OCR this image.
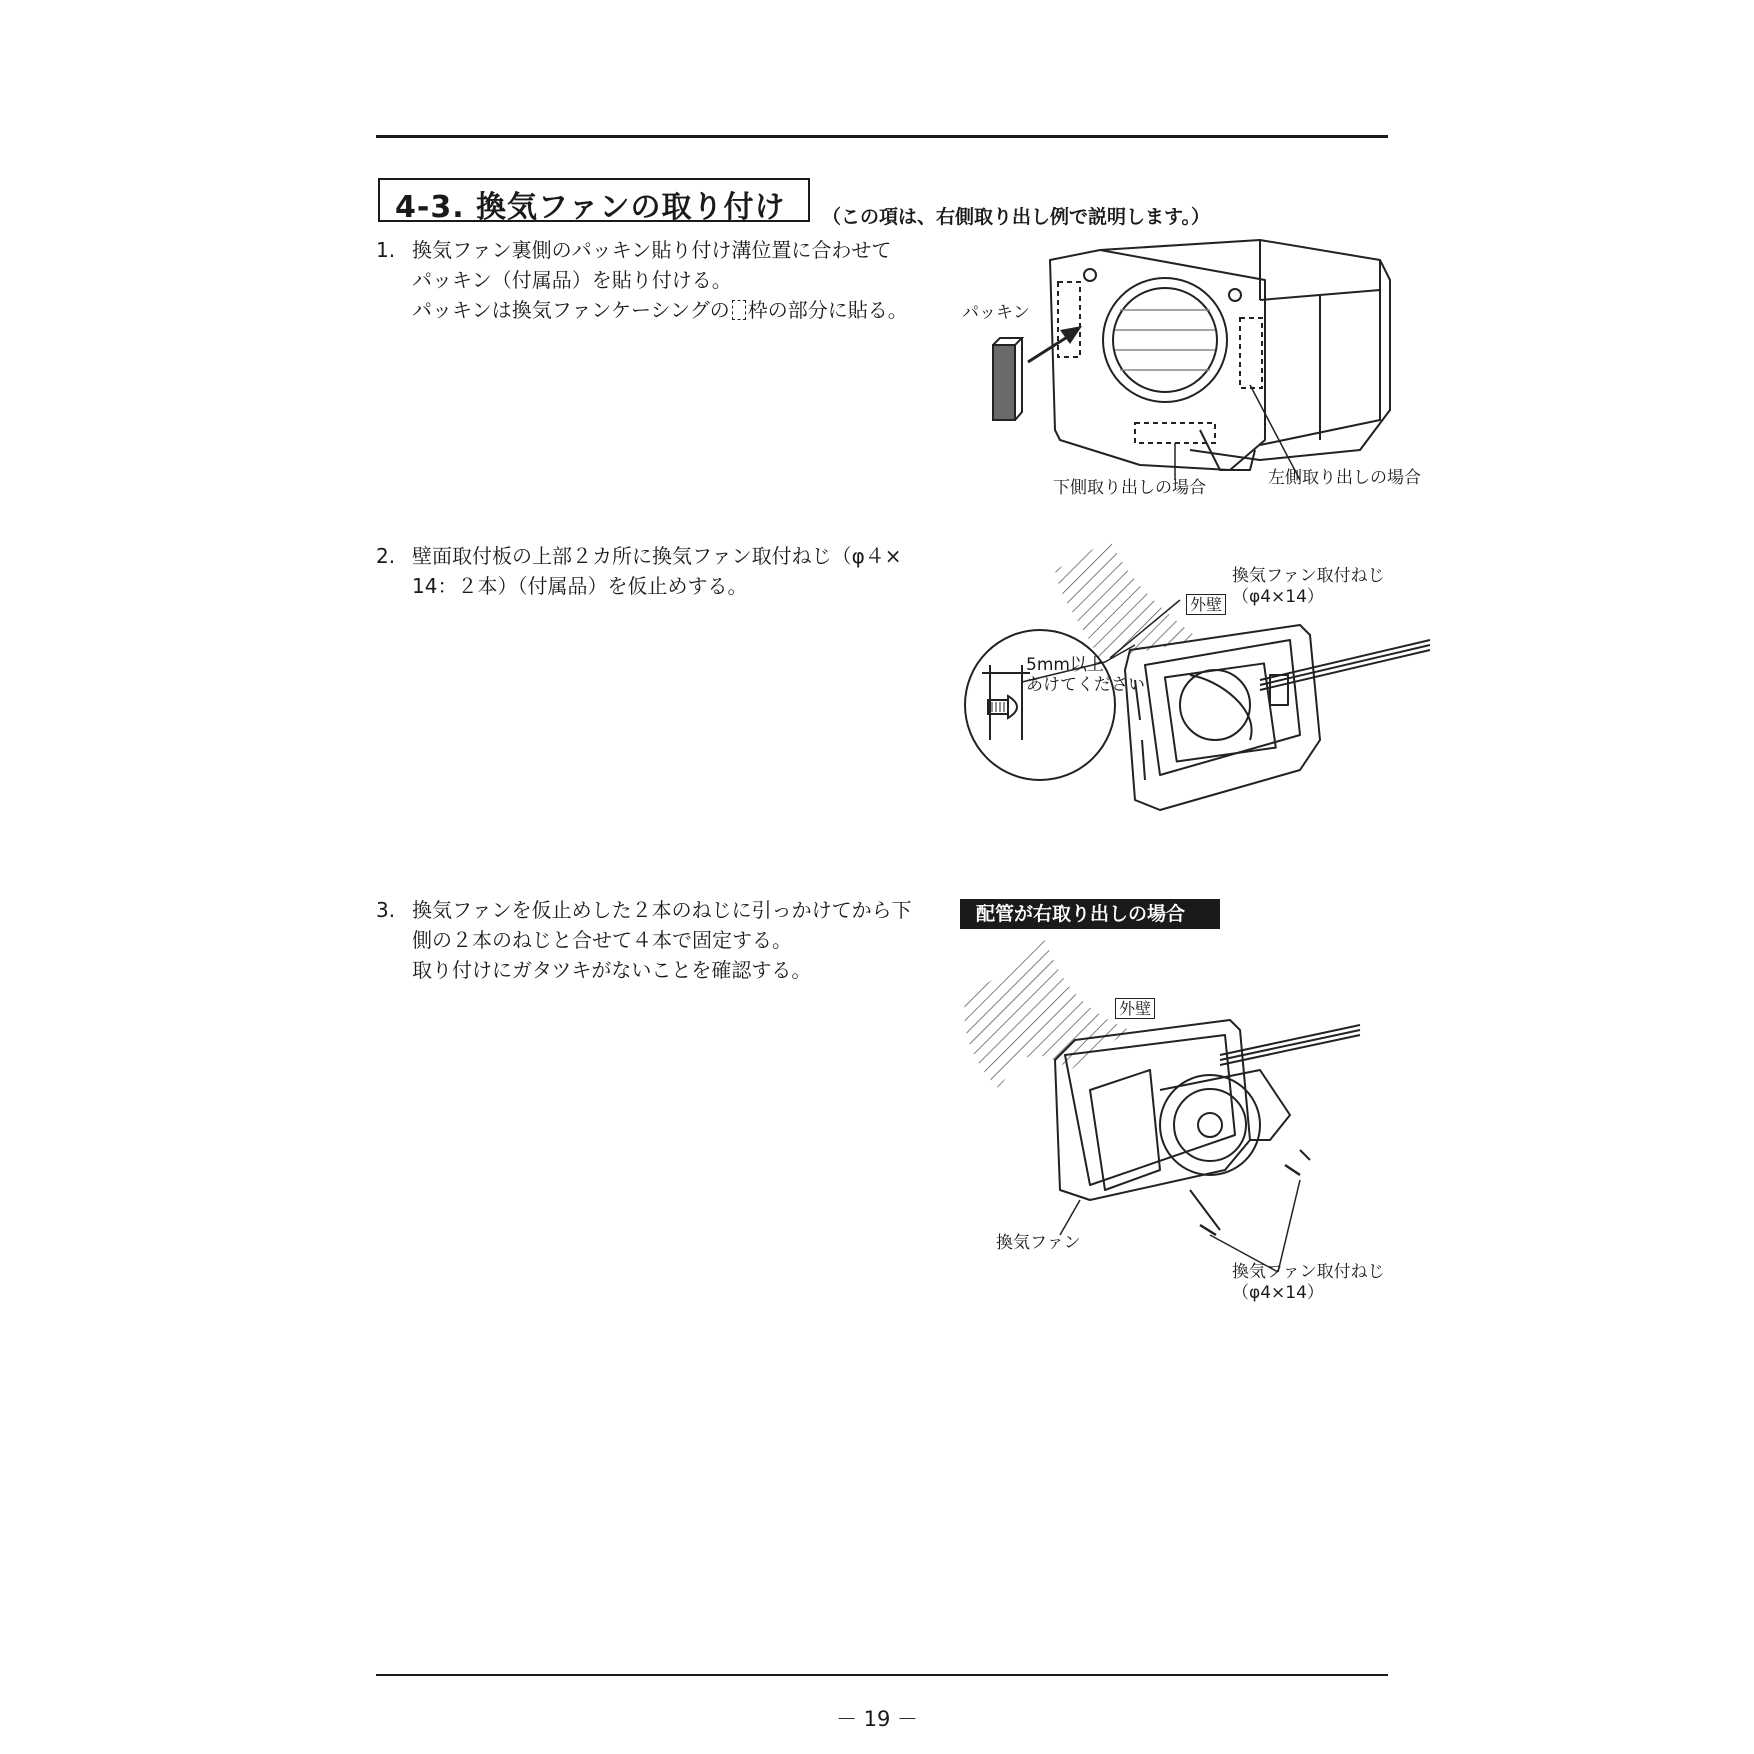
4-3. 換気ファンの取り付け （この項は、右側取り出し例で説明します。）
1. 換気ファン裏側のパッキン貼り付け溝位置に合わせて
パッキン（付属品）を貼り付ける。
パッキンは換気ファンケーシングの 枠の部分に貼る。
2. 壁面取付板の上部２カ所に換気ファン取付ねじ（φ４×
14：２本）（付属品）を仮止めする。
3. 換気ファンを仮止めした２本のねじに引っかけてから下
側の２本のねじと合せて４本で固定する。
取り付けにガタツキがないことを確認する。
パッキン
下側取り出しの場合	左側取り出しの場合
換気ファン取付ねじ
（φ4×14）
外壁
5mm以上
あけてください
配管が右取り出しの場合
外壁
換気ファン
換気ファン取付ねじ
（φ4×14）
－ 19 －
